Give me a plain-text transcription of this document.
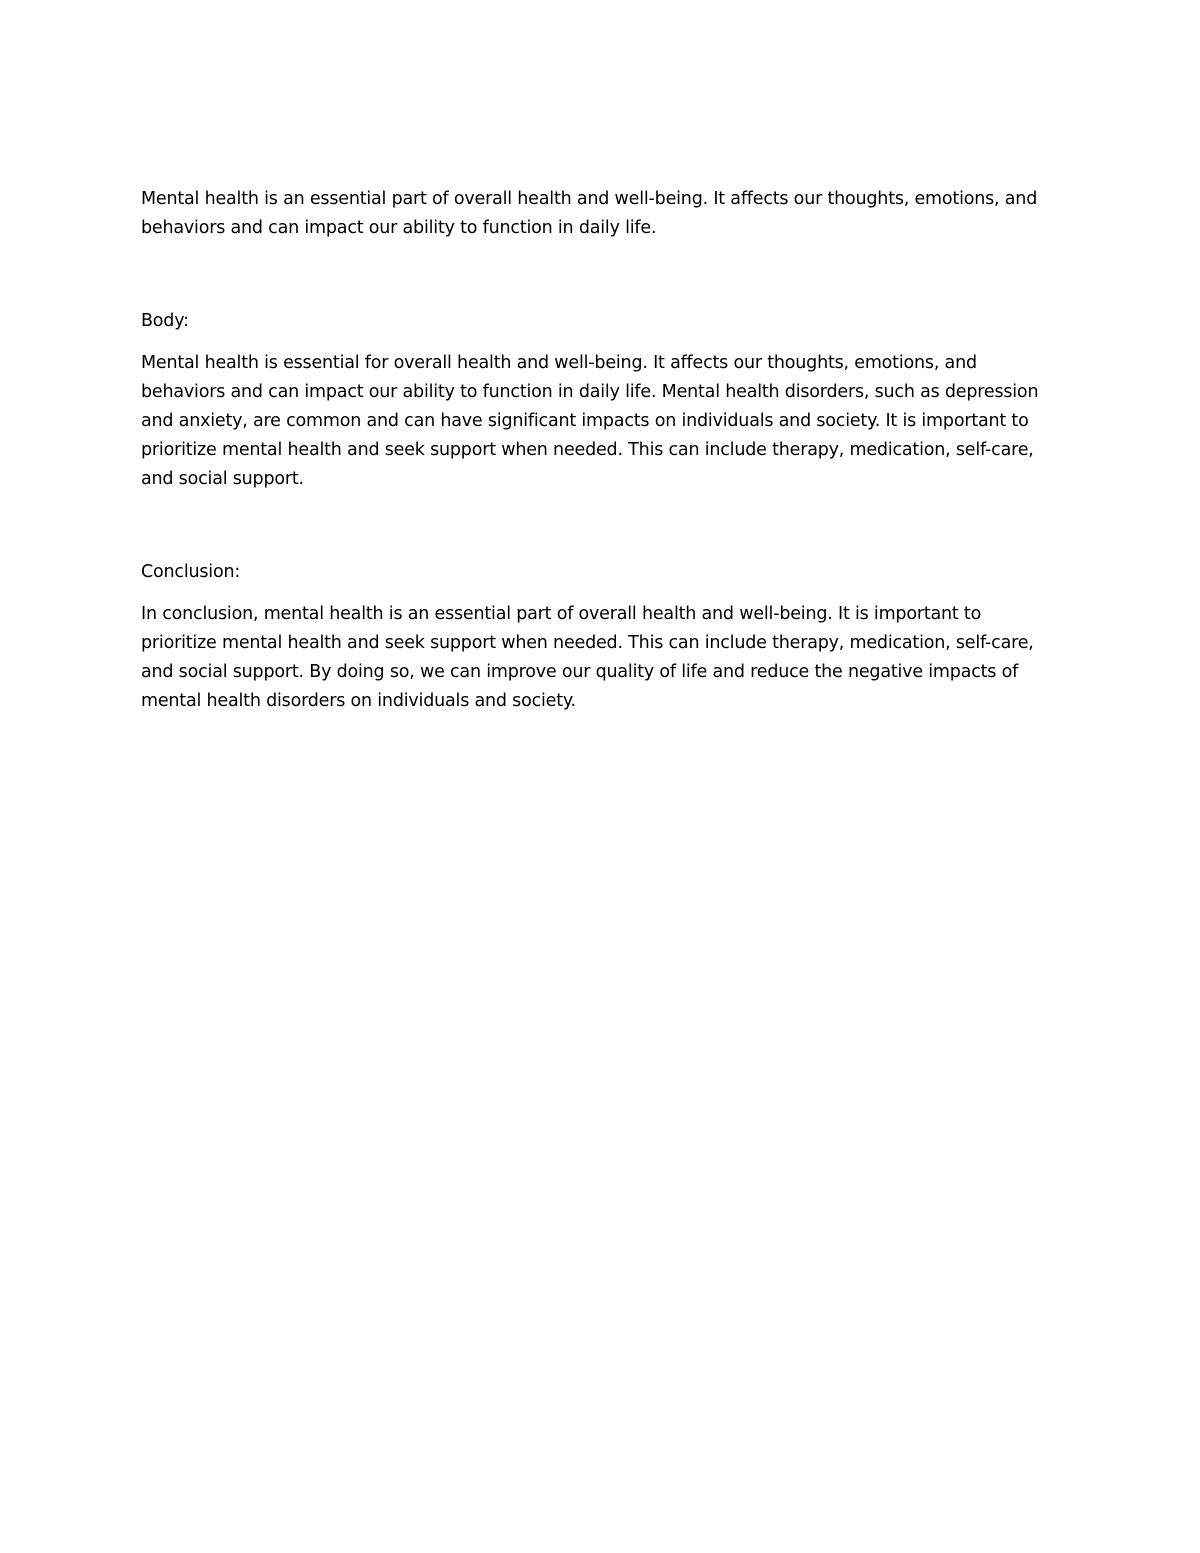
Mental health is an essential part of overall health and well-being. It affects our thoughts, emotions, and behaviors and can impact our ability to function in daily life.

Body:

Mental health is essential for overall health and well-being. It affects our thoughts, emotions, and behaviors and can impact our ability to function in daily life. Mental health disorders, such as depression and anxiety, are common and can have significant impacts on individuals and society. It is important to prioritize mental health and seek support when needed. This can include therapy, medication, self-care, and social support.

Conclusion:

In conclusion, mental health is an essential part of overall health and well-being. It is important to prioritize mental health and seek support when needed. This can include therapy, medication, self-care, and social support. By doing so, we can improve our quality of life and reduce the negative impacts of mental health disorders on individuals and society.
